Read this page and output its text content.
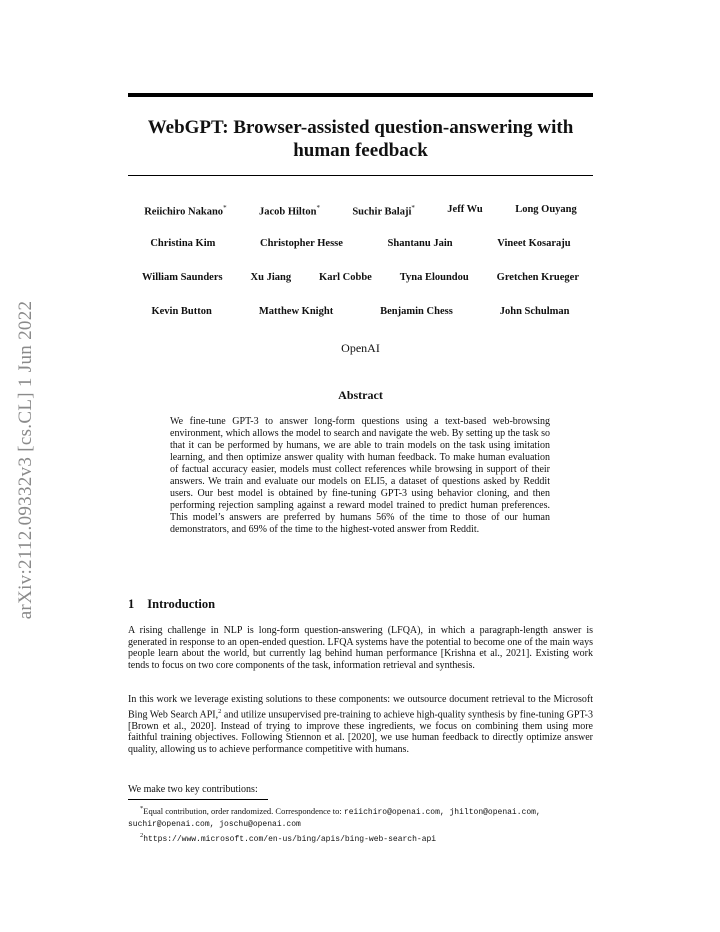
arXiv:2112.09332v3 [cs.CL] 1 Jun 2022
WebGPT: Browser-assisted question-answering with human feedback
Reiichiro Nakano*	Jacob Hilton*	Suchir Balaji*	Jeff Wu	Long Ouyang
Christina Kim	Christopher Hesse	Shantanu Jain	Vineet Kosaraju
William Saunders	Xu Jiang	Karl Cobbe	Tyna Eloundou	Gretchen Krueger
Kevin Button	Matthew Knight	Benjamin Chess	John Schulman
OpenAI
Abstract
We fine-tune GPT-3 to answer long-form questions using a text-based web-browsing environment, which allows the model to search and navigate the web. By setting up the task so that it can be performed by humans, we are able to train models on the task using imitation learning, and then optimize answer quality with human feedback. To make human evaluation of factual accuracy easier, models must collect references while browsing in support of their answers. We train and evaluate our models on ELI5, a dataset of questions asked by Reddit users. Our best model is obtained by fine-tuning GPT-3 using behavior cloning, and then performing rejection sampling against a reward model trained to predict human preferences. This model’s answers are preferred by humans 56% of the time to those of our human demonstrators, and 69% of the time to the highest-voted answer from Reddit.
1 Introduction

A rising challenge in NLP is long-form question-answering (LFQA), in which a paragraph-length answer is generated in response to an open-ended question. LFQA systems have the potential to become one of the main ways people learn about the world, but currently lag behind human performance [Krishna et al., 2021]. Existing work tends to focus on two core components of the task, information retrieval and synthesis.

In this work we leverage existing solutions to these components: we outsource document retrieval to the Microsoft Bing Web Search API,$^2$ and utilize unsupervised pre-training to achieve high-quality synthesis by fine-tuning GPT-3 [Brown et al., 2020]. Instead of trying to improve these ingredients, we focus on combining them using more faithful training objectives. Following Stiennon et al. [2020], we use human feedback to directly optimize answer quality, allowing us to achieve performance competitive with humans.

We make two key contributions:

*Equal contribution, order randomized. Correspondence to: reiichiro@openai.com, jhilton@openai.com, suchir@openai.com, joschu@openai.com

$^2$https://www.microsoft.com/en-us/bing/apis/bing-web-search-api
